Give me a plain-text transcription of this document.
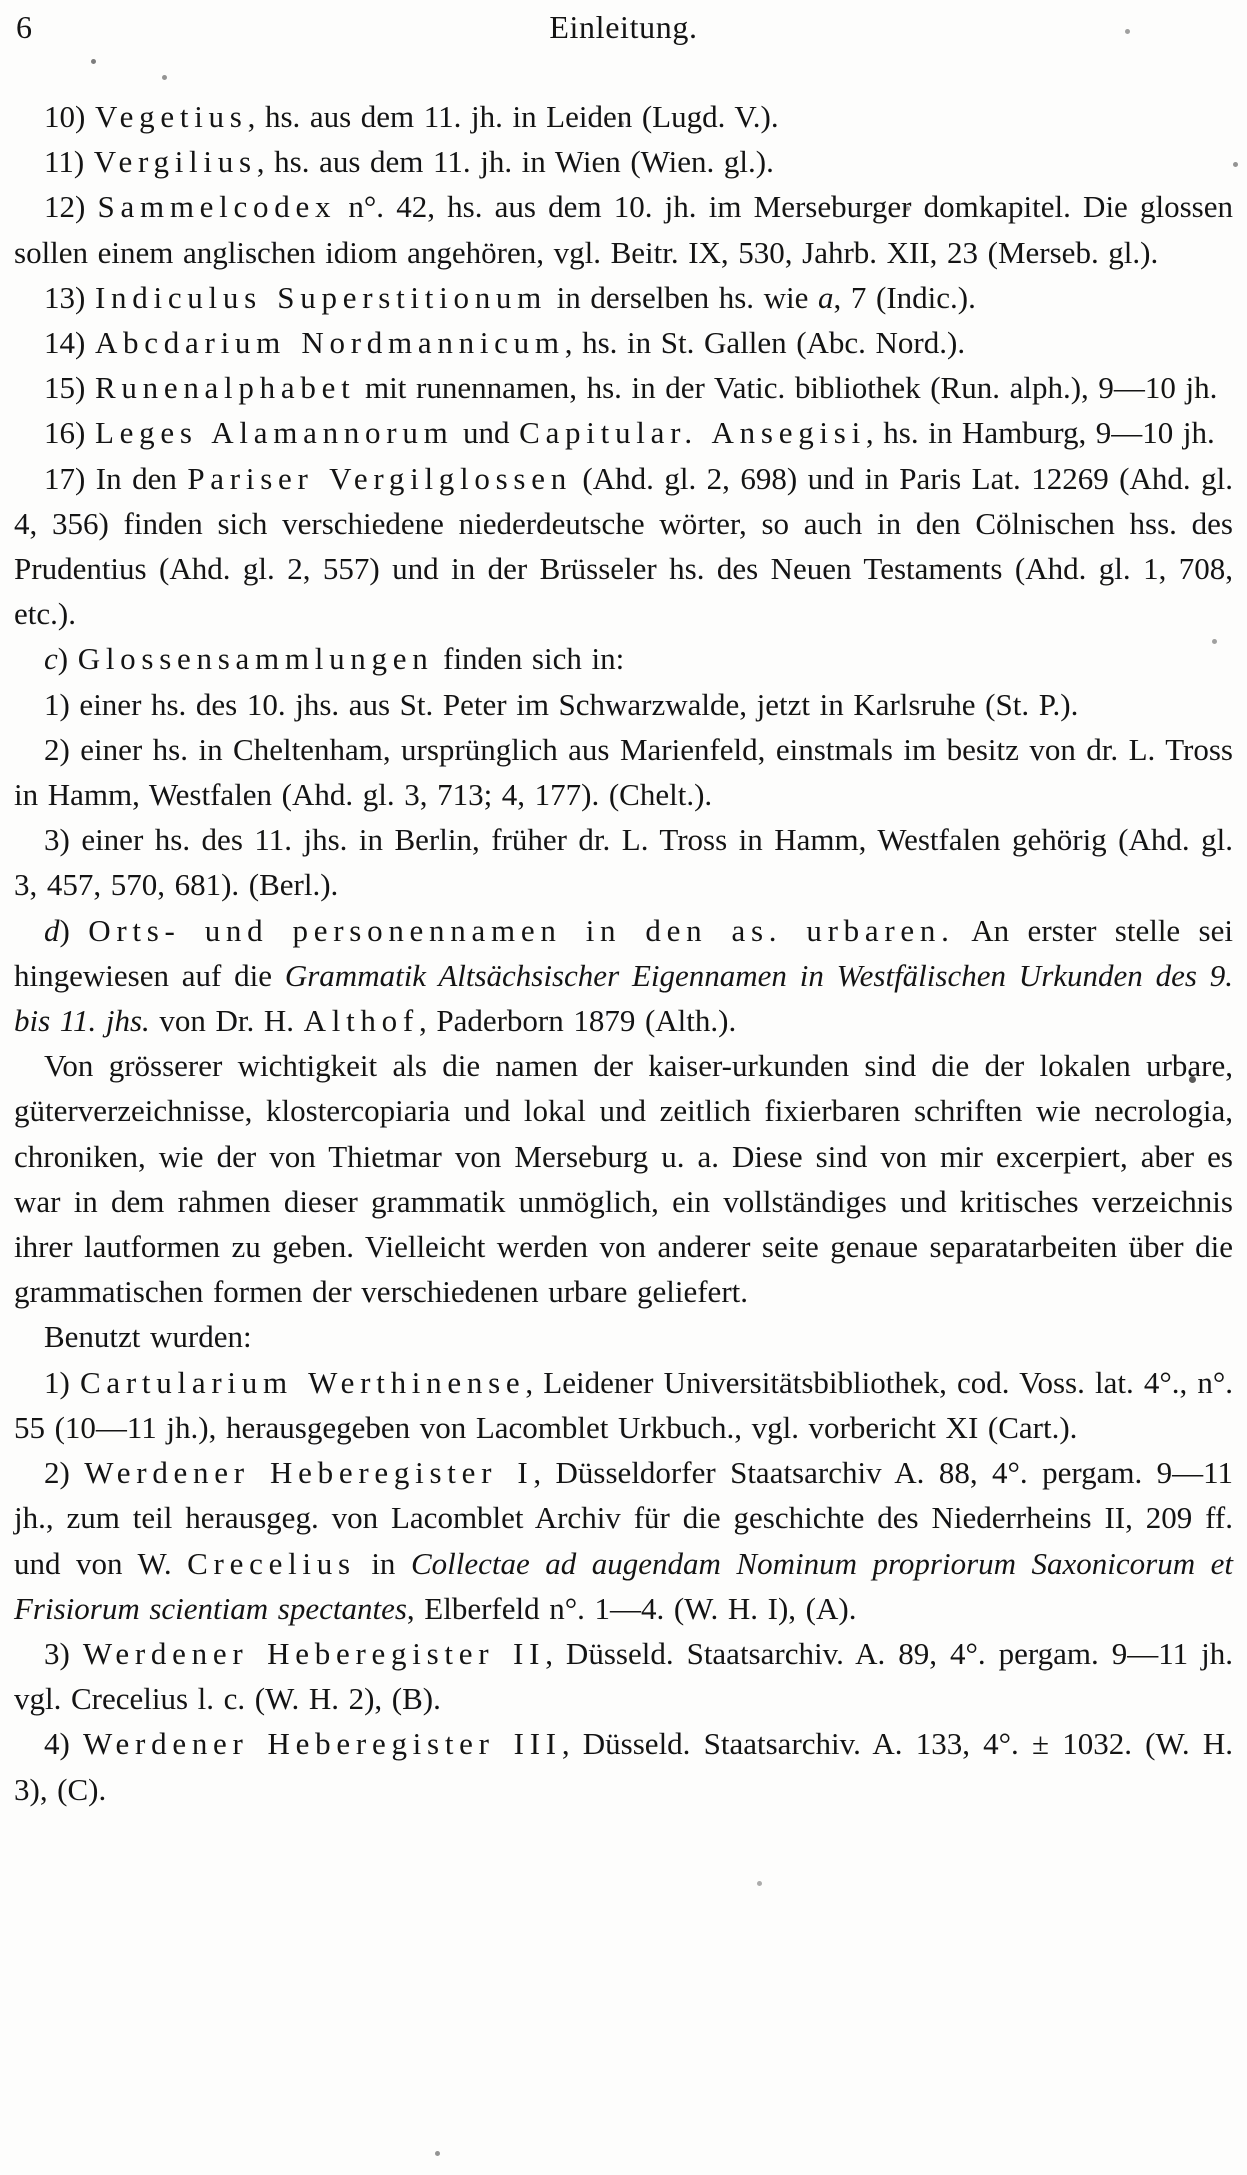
6	Einleitung.

10) Vegetius, hs. aus dem 11. jh. in Leiden (Lugd. V.).

11) Vergilius, hs. aus dem 11. jh. in Wien (Wien. gl.).

12) Sammelcodex n°. 42, hs. aus dem 10. jh. im Merseburger domkapitel. Die glossen sollen einem anglischen idiom angehören, vgl. Beitr. IX, 530, Jahrb. XII, 23 (Merseb. gl.).

13) Indiculus Superstitionum in derselben hs. wie a, 7 (Indic.).

14) Abcdarium Nordmannicum, hs. in St. Gallen (Abc. Nord.).

15) Runenalphabet mit runennamen, hs. in der Vatic. bibliothek (Run. alph.), 9—10 jh.

16) Leges Alamannorum und Capitular. Ansegisi, hs. in Hamburg, 9—10 jh.

17) In den Pariser Vergilglossen (Ahd. gl. 2, 698) und in Paris Lat. 12269 (Ahd. gl. 4, 356) finden sich verschiedene niederdeutsche wörter, so auch in den Cölnischen hss. des Prudentius (Ahd. gl. 2, 557) und in der Brüsseler hs. des Neuen Testaments (Ahd. gl. 1, 708, etc.).

c) Glossensammlungen finden sich in:

1) einer hs. des 10. jhs. aus St. Peter im Schwarzwalde, jetzt in Karlsruhe (St. P.).

2) einer hs. in Cheltenham, ursprünglich aus Marienfeld, einstmals im besitz von dr. L. Tross in Hamm, Westfalen (Ahd. gl. 3, 713; 4, 177). (Chelt.).

3) einer hs. des 11. jhs. in Berlin, früher dr. L. Tross in Hamm, Westfalen gehörig (Ahd. gl. 3, 457, 570, 681). (Berl.).

d) Orts- und personennamen in den as. urbaren. An erster stelle sei hingewiesen auf die Grammatik Altsächsischer Eigennamen in Westfälischen Urkunden des 9. bis 11. jhs. von Dr. H. Althof, Paderborn 1879 (Alth.).

Von grösserer wichtigkeit als die namen der kaiser-urkunden sind die der lokalen urbare, güterverzeichnisse, klostercopiaria und lokal und zeitlich fixierbaren schriften wie necrologia, chroniken, wie der von Thietmar von Merseburg u. a. Diese sind von mir excerpiert, aber es war in dem rahmen dieser grammatik unmöglich, ein vollständiges und kritisches verzeichnis ihrer lautformen zu geben. Vielleicht werden von anderer seite genaue separatarbeiten über die grammatischen formen der verschiedenen urbare geliefert.

Benutzt wurden:

1) Cartularium Werthinense, Leidener Universitätsbibliothek, cod. Voss. lat. 4°., n°. 55 (10—11 jh.), herausgegeben von Lacomblet Urkbuch., vgl. vorbericht XI (Cart.).

2) Werdener Heberegister I, Düsseldorfer Staatsarchiv A. 88, 4°. pergam. 9—11 jh., zum teil herausgeg. von Lacomblet Archiv für die geschichte des Niederrheins II, 209 ff. und von W. Crecelius in Collectae ad augendam Nominum propriorum Saxonicorum et Frisiorum scientiam spectantes, Elberfeld n°. 1—4. (W. H. I), (A).

3) Werdener Heberegister II, Düsseld. Staatsarchiv. A. 89, 4°. pergam. 9—11 jh. vgl. Crecelius l. c. (W. H. 2), (B).

4) Werdener Heberegister III, Düsseld. Staatsarchiv. A. 133, 4°. ± 1032. (W. H. 3), (C).
